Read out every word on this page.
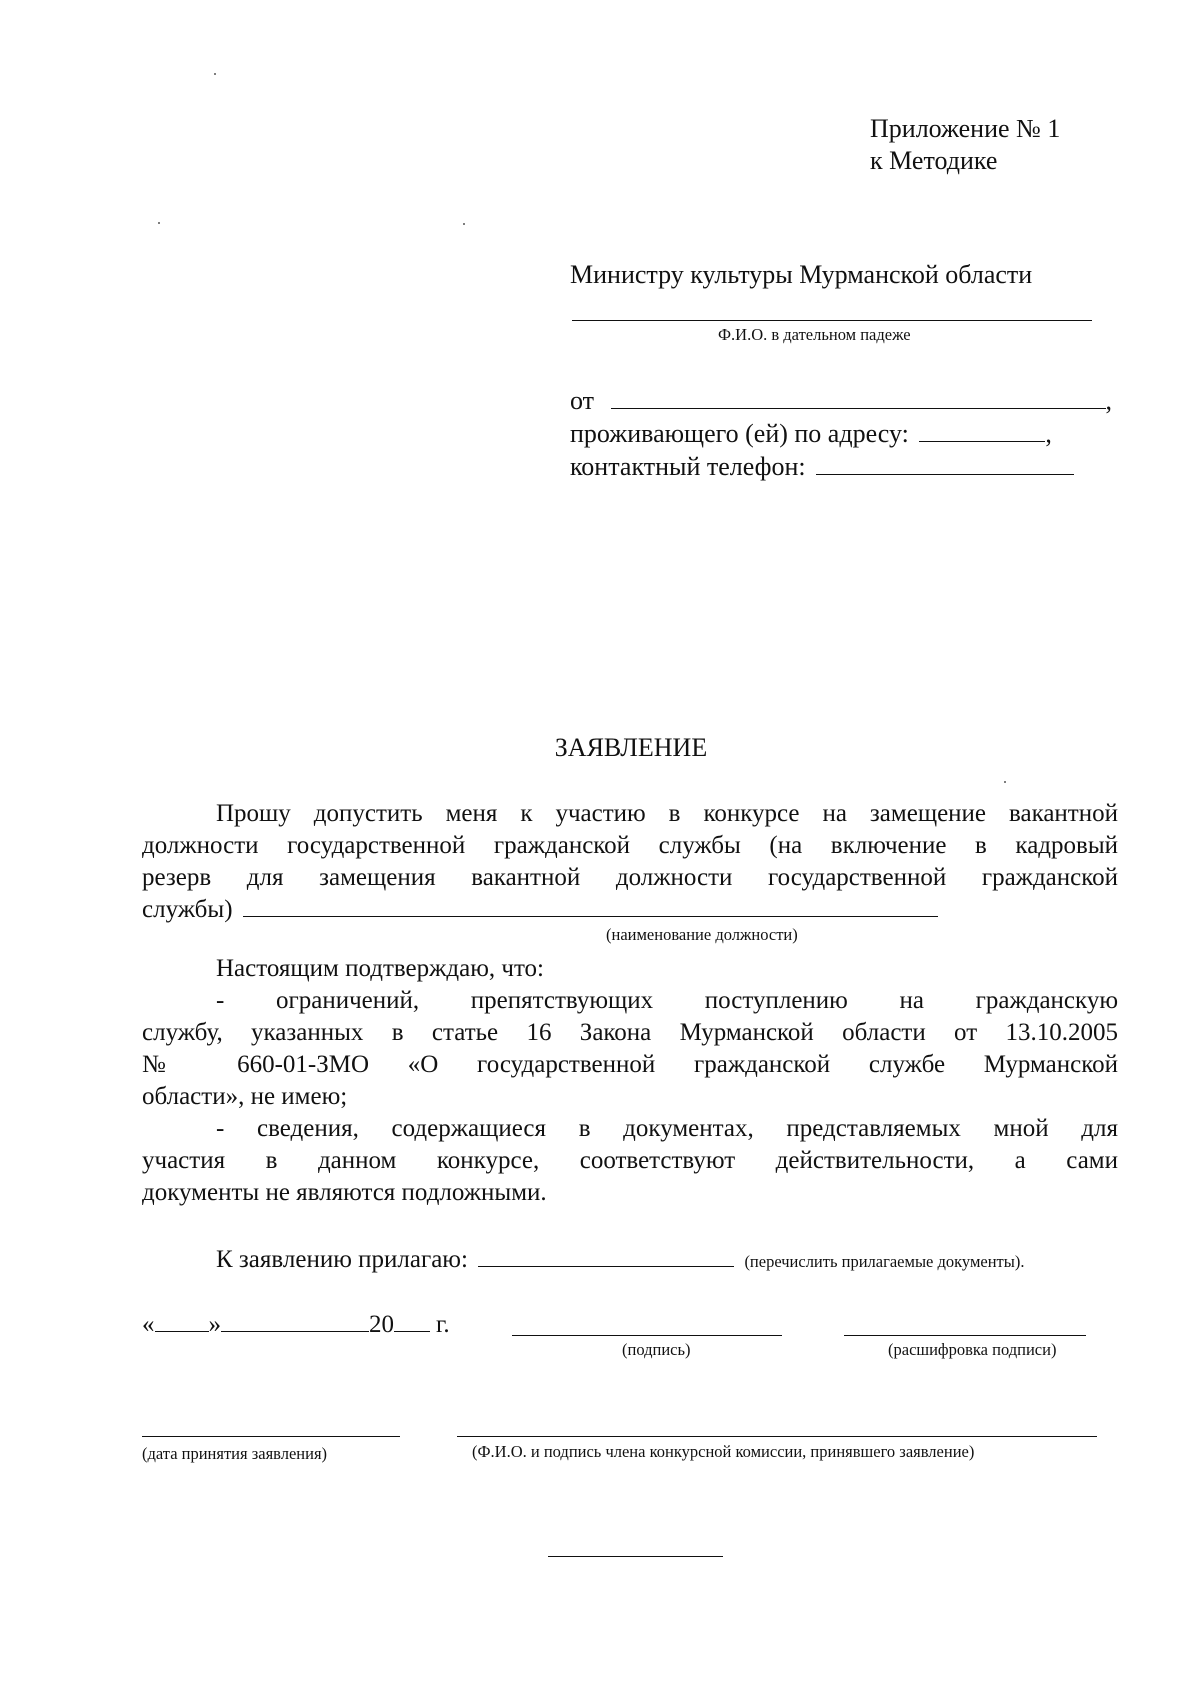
Приложение № 1
к Методике
Министру культуры Мурманской области
Ф.И.О. в дательном падеже
от	,
проживающего (ей) по адресу:	,
контактный телефон:
ЗАЯВЛЕНИЕ
Прошу допустить меня к участию в конкурсе на замещение вакантной
должности государственной гражданской службы (на включение в кадровый
резерв для замещения вакантной должности государственной гражданской
службы)
(наименование должности)
Настоящим подтверждаю, что:
- ограничений, препятствующих поступлению на гражданскую
службу, указанных в статье 16 Закона Мурманской области от 13.10.2005
№ 660-01-ЗМО «О государственной гражданской службе Мурманской
области», не имею;
- сведения, содержащиеся в документах, представляемых мной для
участия в данном конкурсе, соответствуют действительности, а сами
документы не являются подложными.
К заявлению прилагаю:	(перечислить прилагаемые документы).
« »	20 г.
(подпись)	(расшифровка подписи)
(дата принятия заявления)	(Ф.И.О. и подпись члена конкурсной комиссии, принявшего заявление)
